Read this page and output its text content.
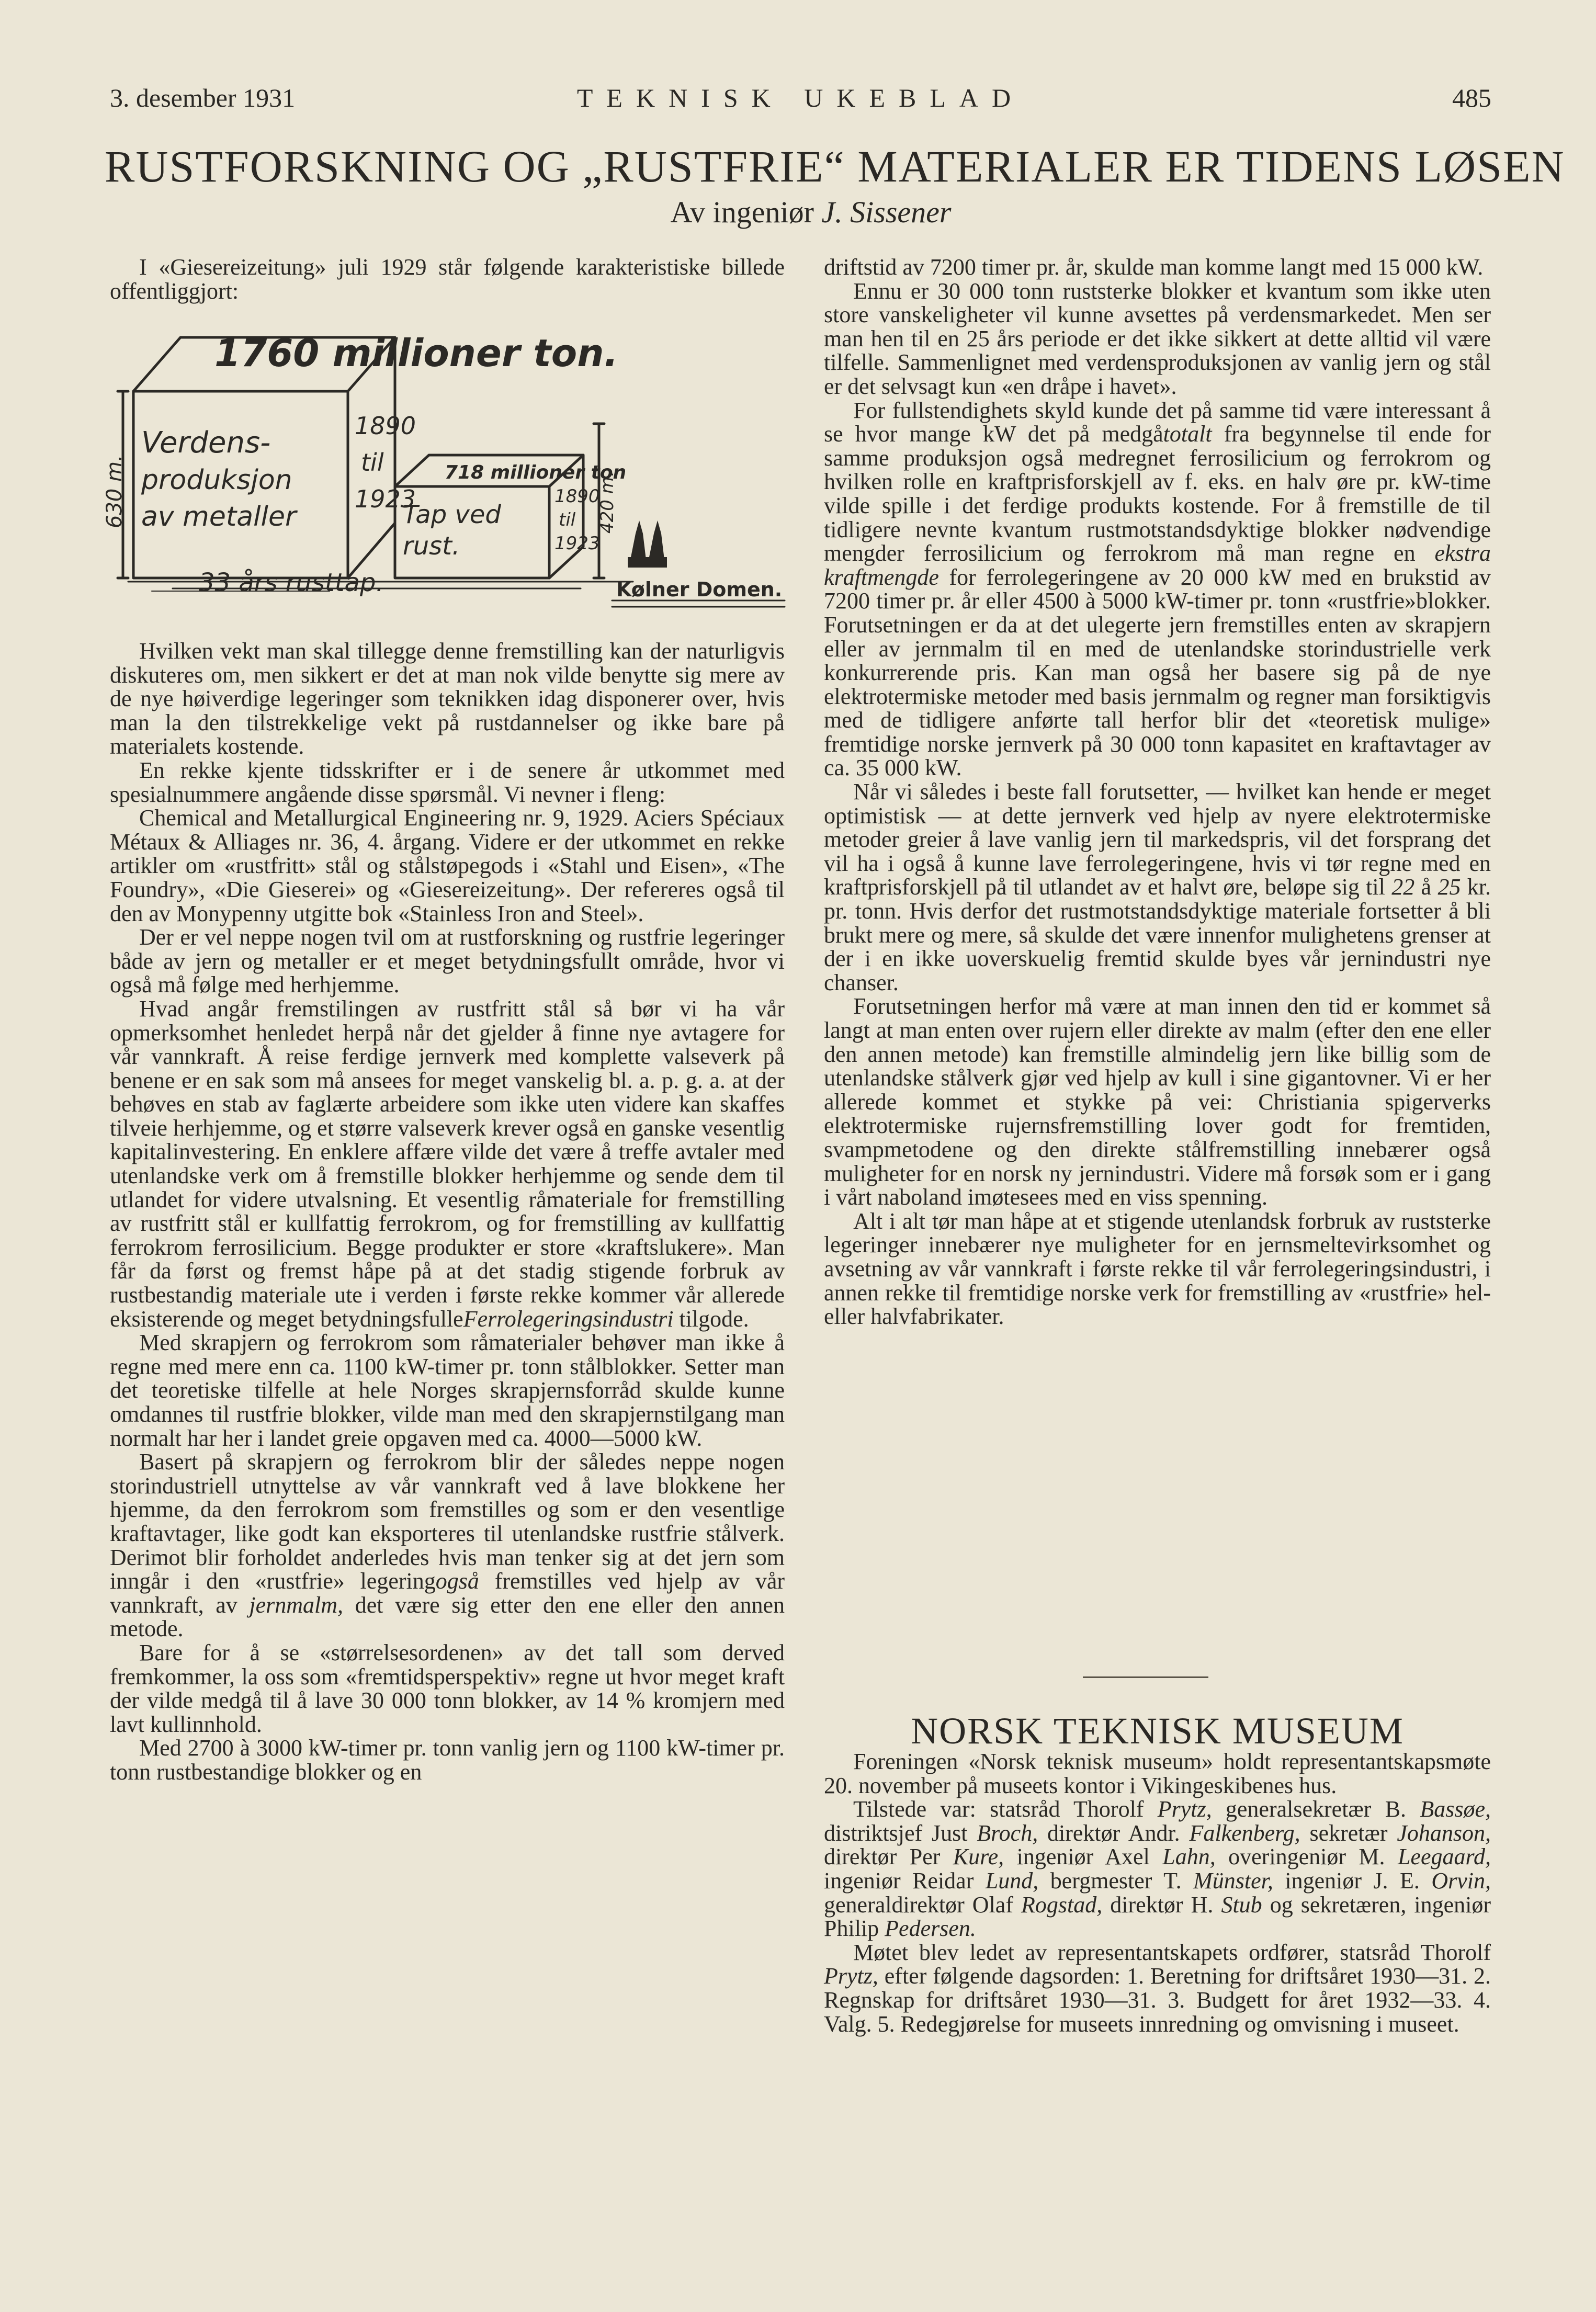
3. desember 1931	TEKNISK UKEBLAD	485
RUSTFORSKNING OG „RUSTFRIE“ MATERIALER ER TIDENS LØSEN
Av ingeniør J. Sissener

I «Giesereizeitung» juli 1929 står følgende karakteristiske billede offentliggjort:

1760 millioner ton.
Verdens-
produksjon
av metaller
1890
til
1923
630 m.	718 millioner ton
Tap ved
rust.
1890
til
1923
420 m.
33 års rusttap.	Kølner Domen.

Hvilken vekt man skal tillegge denne fremstilling kan der naturligvis diskuteres om, men sikkert er det at man nok vilde benytte sig mere av de nye høiverdige legeringer som teknikken idag disponerer over, hvis man la den tilstrekkelige vekt på rustdannelser og ikke bare på materialets kostende.

En rekke kjente tidsskrifter er i de senere år utkommet med spesialnummere angående disse spørsmål. Vi nevner i fleng:

Chemical and Metallurgical Engineering nr. 9, 1929. Aciers Spéciaux Métaux & Alliages nr. 36, 4. årgang. Videre er der utkommet en rekke artikler om «rustfritt» stål og stålstøpegods i «Stahl und Eisen», «The Foundry», «Die Gieserei» og «Giesereizeitung». Der refereres også til den av Monypenny utgitte bok «Stainless Iron and Steel».

Der er vel neppe nogen tvil om at rustforskning og rustfrie legeringer både av jern og metaller er et meget betydningsfullt område, hvor vi også må følge med herhjemme.

Hvad angår fremstilingen av rustfritt stål så bør vi ha vår opmerksomhet henledet herpå når det gjelder å finne nye avtagere for vår vannkraft. Å reise ferdige jernverk med komplette valseverk på benene er en sak som må ansees for meget vanskelig bl. a. p. g. a. at der behøves en stab av faglærte arbeidere som ikke uten videre kan skaffes tilveie herhjemme, og et større valseverk krever også en ganske vesentlig kapitalinvestering. En enklere affære vilde det være å treffe avtaler med utenlandske verk om å fremstille blokker herhjemme og sende dem til utlandet for videre utvalsning. Et vesentlig råmateriale for fremstilling av rustfritt stål er kullfattig ferrokrom, og for fremstilling av kullfattig ferrokrom ferrosilicium. Begge produkter er store «kraftslukere». Man får da først og fremst håpe på at det stadig stigende forbruk av rustbestandig materiale ute i verden i første rekke kommer vår allerede eksisterende og meget betydningsfulleFerrolegeringsindustri tilgode.

Med skrapjern og ferrokrom som råmaterialer behøver man ikke å regne med mere enn ca. 1100 kW-timer pr. tonn stålblokker. Setter man det teoretiske tilfelle at hele Norges skrapjernsforråd skulde kunne omdannes til rustfrie blokker, vilde man med den skrapjernstilgang man normalt har her i landet greie opgaven med ca. 4000—5000 kW.

Basert på skrapjern og ferrokrom blir der således neppe nogen storindustriell utnyttelse av vår vannkraft ved å lave blokkene her hjemme, da den ferrokrom som fremstilles og som er den vesentlige kraftavtager, like godt kan eksporteres til utenlandske rustfrie stålverk. Derimot blir forholdet anderledes hvis man tenker sig at det jern som inngår i den «rustfrie» legeringogså fremstilles ved hjelp av vår vannkraft, av jernmalm, det være sig etter den ene eller den annen metode.

Bare for å se «størrelsesordenen» av det tall som derved fremkommer, la oss som «fremtidsperspektiv» regne ut hvor meget kraft der vilde medgå til å lave 30 000 tonn blokker, av 14 % kromjern med lavt kullinnhold.

Med 2700 à 3000 kW-timer pr. tonn vanlig jern og 1100 kW-timer pr. tonn rustbestandige blokker og en

driftstid av 7200 timer pr. år, skulde man komme langt med 15 000 kW.

Ennu er 30 000 tonn ruststerke blokker et kvantum som ikke uten store vanskeligheter vil kunne avsettes på verdensmarkedet. Men ser man hen til en 25 års periode er det ikke sikkert at dette alltid vil være tilfelle. Sammenlignet med verdensproduksjonen av vanlig jern og stål er det selvsagt kun «en dråpe i havet».

For fullstendighets skyld kunde det på samme tid være interessant å se hvor mange kW det på medgåtotalt fra begynnelse til ende for samme produksjon også medregnet ferrosilicium og ferrokrom og hvilken rolle en kraftprisforskjell av f. eks. en halv øre pr. kW-time vilde spille i det ferdige produkts kostende. For å fremstille de til tidligere nevnte kvantum rustmotstandsdyktige blokker nødvendige mengder ferrosilicium og ferrokrom må man regne en ekstra kraftmengde for ferrolegeringene av 20 000 kW med en brukstid av 7200 timer pr. år eller 4500 à 5000 kW-timer pr. tonn «rustfrie»blokker. Forutsetningen er da at det ulegerte jern fremstilles enten av skrapjern eller av jernmalm til en med de utenlandske storindustrielle verk konkurrerende pris. Kan man også her basere sig på de nye elektrotermiske metoder med basis jernmalm og regner man forsiktigvis med de tidligere anførte tall herfor blir det «teoretisk mulige» fremtidige norske jernverk på 30 000 tonn kapasitet en kraftavtager av ca. 35 000 kW.

Når vi således i beste fall forutsetter, — hvilket kan hende er meget optimistisk — at dette jernverk ved hjelp av nyere elektrotermiske metoder greier å lave vanlig jern til markedspris, vil det forsprang det vil ha i også å kunne lave ferrolegeringene, hvis vi tør regne med en kraftprisforskjell på til utlandet av et halvt øre, beløpe sig til 22 å 25 kr. pr. tonn. Hvis derfor det rustmotstandsdyktige materiale fortsetter å bli brukt mere og mere, så skulde det være innenfor mulighetens grenser at der i en ikke uoverskuelig fremtid skulde byes vår jernindustri nye chanser.

Forutsetningen herfor må være at man innen den tid er kommet så langt at man enten over rujern eller direkte av malm (efter den ene eller den annen metode) kan fremstille almindelig jern like billig som de utenlandske stålverk gjør ved hjelp av kull i sine gigantovner. Vi er her allerede kommet et stykke på vei: Christiania spigerverks elektrotermiske rujernsfremstilling lover godt for fremtiden, svampmetodene og den direkte stålfremstilling innebærer også muligheter for en norsk ny jernindustri. Videre må forsøk som er i gang i vårt naboland imøtesees med en viss spenning.

Alt i alt tør man håpe at et stigende utenlandsk forbruk av ruststerke legeringer innebærer nye muligheter for en jernsmeltevirksomhet og avsetning av vår vannkraft i første rekke til vår ferrolegeringsindustri, i annen rekke til fremtidige norske verk for fremstilling av «rustfrie» hel- eller halvfabrikater.

NORSK TEKNISK MUSEUM

Foreningen «Norsk teknisk museum» holdt representantskapsmøte 20. november på museets kontor i Vikingeskibenes hus.

Tilstede var: statsråd Thorolf Prytz, generalsekretær B. Bassøe, distriktsjef Just Broch, direktør Andr. Falkenberg, sekretær Johanson, direktør Per Kure, ingeniør Axel Lahn, overingeniør M. Leegaard, ingeniør Reidar Lund, bergmester T. Münster, ingeniør J. E. Orvin, generaldirektør Olaf Rogstad, direktør H. Stub og sekretæren, ingeniør Philip Pedersen.

Møtet blev ledet av representantskapets ordfører, statsråd Thorolf Prytz, efter følgende dagsorden: 1. Beretning for driftsåret 1930—31. 2. Regnskap for driftsåret 1930—31. 3. Budgett for året 1932—33. 4. Valg. 5. Redegjørelse for museets innredning og omvisning i museet.
